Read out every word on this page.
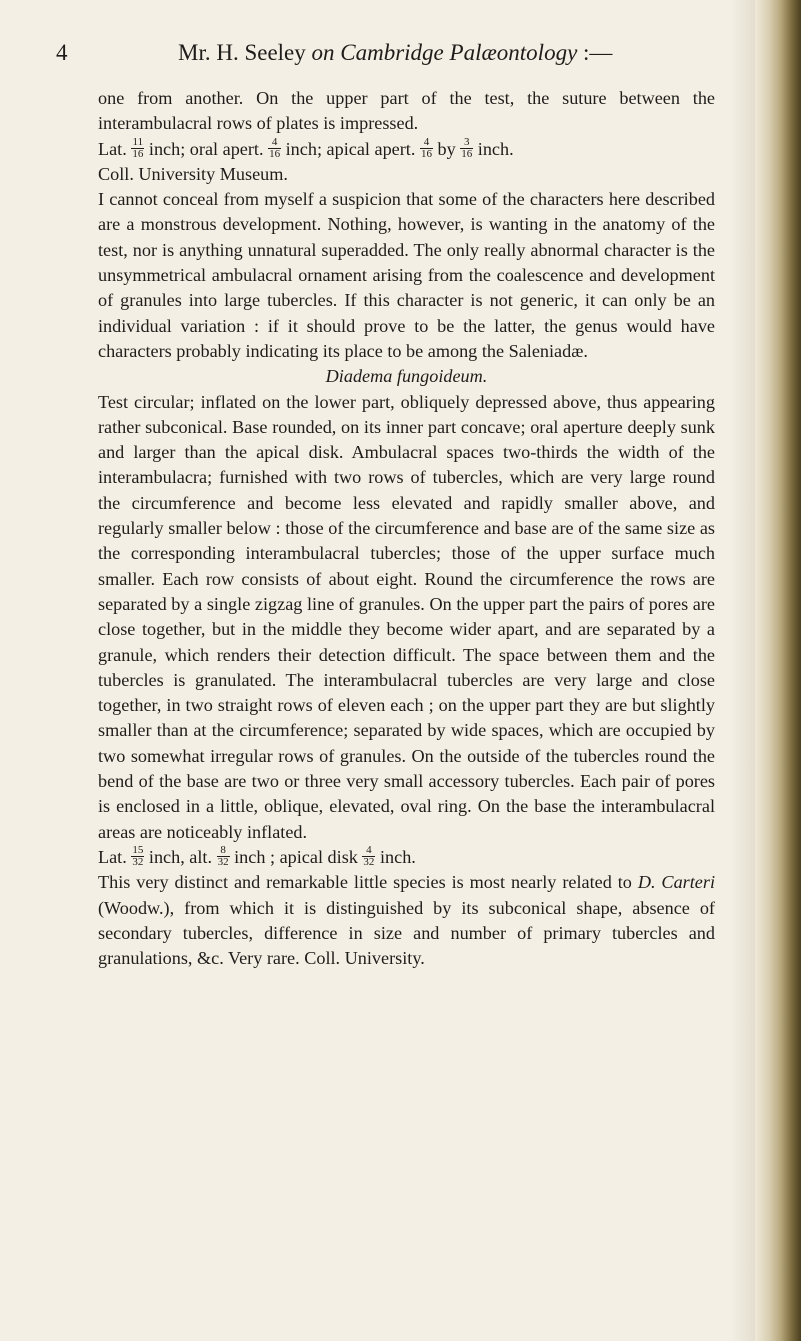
4	Mr. H. Seeley on Cambridge Palæontology :—

one from another. On the upper part of the test, the suture between the interambulacral rows of plates is impressed.

Lat. $\frac{11}{16}$ inch; oral apert. $\frac{4}{16}$ inch; apical apert. $\frac{4}{16}$ by $\frac{3}{16}$ inch.

Coll. University Museum.

I cannot conceal from myself a suspicion that some of the characters here described are a monstrous development. Nothing, however, is wanting in the anatomy of the test, nor is anything unnatural superadded. The only really abnormal character is the unsymmetrical ambulacral ornament arising from the coalescence and development of granules into large tubercles. If this character is not generic, it can only be an individual variation : if it should prove to be the latter, the genus would have characters probably indicating its place to be among the Saleniadæ.

Diadema fungoideum.

Test circular; inflated on the lower part, obliquely depressed above, thus appearing rather subconical. Base rounded, on its inner part concave; oral aperture deeply sunk and larger than the apical disk. Ambulacral spaces two-thirds the width of the interambulacra; furnished with two rows of tubercles, which are very large round the circumference and become less elevated and rapidly smaller above, and regularly smaller below : those of the circumference and base are of the same size as the corresponding interambulacral tubercles; those of the upper surface much smaller. Each row consists of about eight. Round the circumference the rows are separated by a single zigzag line of granules. On the upper part the pairs of pores are close together, but in the middle they become wider apart, and are separated by a granule, which renders their detection difficult. The space between them and the tubercles is granulated. The interambulacral tubercles are very large and close together, in two straight rows of eleven each ; on the upper part they are but slightly smaller than at the circumference; separated by wide spaces, which are occupied by two somewhat irregular rows of granules. On the outside of the tubercles round the bend of the base are two or three very small accessory tubercles. Each pair of pores is enclosed in a little, oblique, elevated, oval ring. On the base the interambulacral areas are noticeably inflated.

Lat. $\frac{15}{32}$ inch, alt. $\frac{8}{32}$ inch ; apical disk $\frac{4}{32}$ inch.

This very distinct and remarkable little species is most nearly related to D. Carteri (Woodw.), from which it is distinguished by its subconical shape, absence of secondary tubercles, difference in size and number of primary tubercles and granulations, &c. Very rare. Coll. University.
